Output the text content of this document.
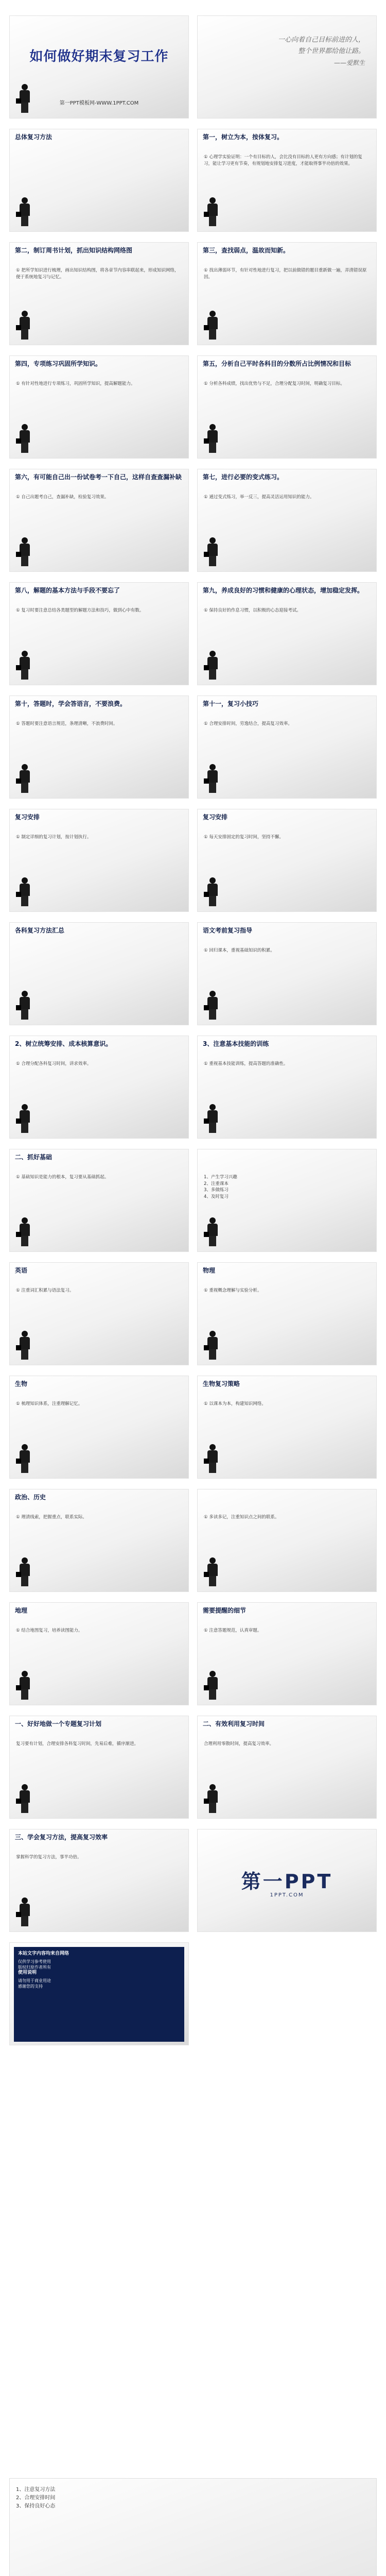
如何做好期末复习工作
第一PPT模板网-WWW.1PPT.COM
一心向着自己目标前进的人，
整个世界都给他让路。
——爱默生
总体复习方法	第一，树立为本，按体复习。
① 心理学实验证明：一个有目标的人，会比没有目标的人更有方向感；有计划的复习，能让学习更有节奏，有规划地安排复习进度，才能取得事半功倍的效果。
第二，制订周书计划，抓出知识结构网络图
① 把所学知识进行梳理，画出知识结构图，将各章节内容串联起来，形成知识网络，便于系统地复习与记忆。
第三，查找弱点，温故而知新。
① 找出薄弱环节，有针对性地进行复习，把以前做错的题目重新做一遍，弄清错误原因。
第四，专项练习巩固所学知识。
① 有针对性地进行专项练习，巩固所学知识，提高解题能力。
第五，分析自己平时各科目的分数所占比例情况和目标
① 分析各科成绩，找出优势与不足，合理分配复习时间，明确复习目标。
第六，有可能自己出一份试卷考一下自己，这样自查查漏补缺
① 自己出题考自己，查漏补缺，检验复习效果。
第七，进行必要的变式练习。
① 通过变式练习，举一反三，提高灵活运用知识的能力。
第八，解题的基本方法与手段不要忘了
① 复习时要注意总结各类题型的解题方法和技巧，做到心中有数。
第九，养成良好的习惯和健康的心理状态，增加稳定发挥。
① 保持良好的作息习惯，以积极的心态迎接考试。
第十，答题时，学会答语言，不要浪费。
① 答题时要注意语言规范，条理清晰，不浪费时间。
第十一，复习小技巧
① 合理安排时间，劳逸结合，提高复习效率。
复习安排
① 制定详细的复习计划，按计划执行。
复习安排
① 每天安排固定的复习时间，坚持不懈。
各科复习方法汇总	语文考前复习指导
① 回归课本，重视基础知识的积累。
2、树立统筹安排、成本核算意识。
① 合理分配各科复习时间，讲求效率。
3、注意基本技能的训练
① 重视基本技能训练，提高答题的准确性。
二、抓好基础
① 基础知识是能力的根本，复习要从基础抓起。	1、产生学习兴趣
2、注重课本
3、多做练习
4、及时复习
英语
① 注重词汇积累与语法复习。
物理
① 重视概念理解与实验分析。
生物
① 梳理知识体系，注重理解记忆。
生物复习策略
① 以课本为本，构建知识网络。
政治、历史
① 理清线索，把握重点，联系实际。	① 多读多记，注重知识点之间的联系。
地理
① 结合地图复习，培养读图能力。
需要提醒的细节
① 注意答题规范，认真审题。
一、好好地做一个专题复习计划
复习要有计划，合理安排各科复习时间，先易后难，循序渐进。
二、有效利用复习时间
合理利用零散时间，提高复习效率。
三、学会复习方法，提高复习效率
掌握科学的复习方法，事半功倍。
第一PPT
1PPT.COM
本站文字内容均来自网络
仅供学习参考使用
版权归原作者所有

使用说明
请勿用于商业用途
感谢您的支持
1、注意复习方法
2、合理安排时间
3、保持良好心态
